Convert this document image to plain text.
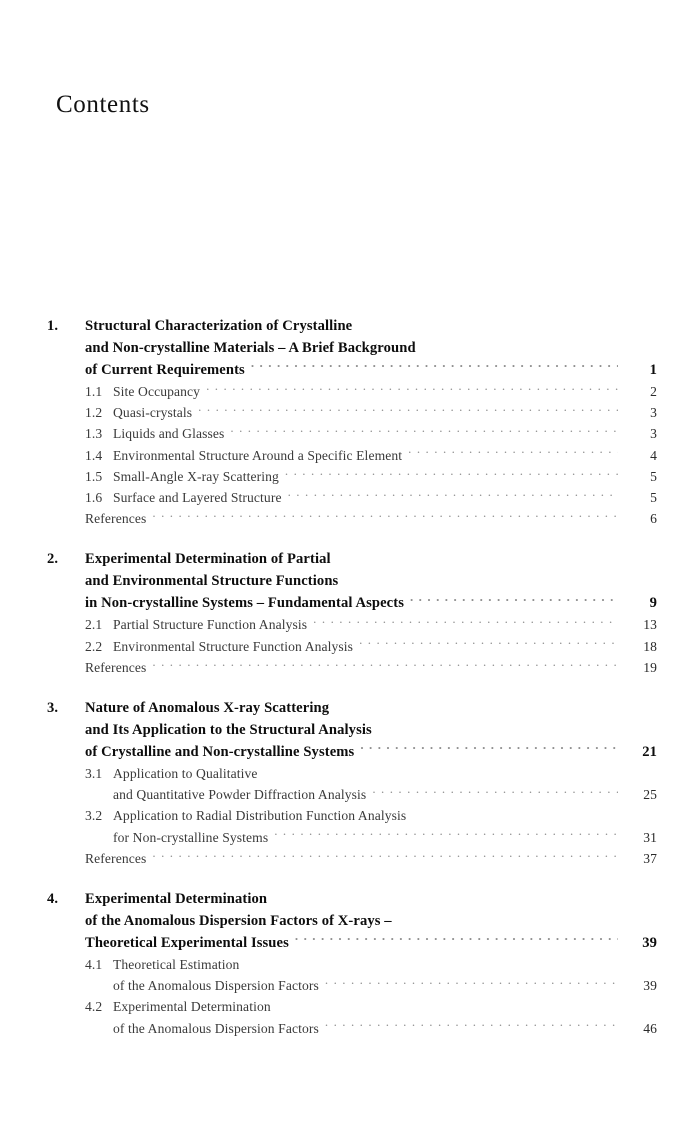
Contents
1.	Structural Characterization of Crystalline
and Non-crystalline Materials – A Brief Background
of Current Requirements . . .	1
1.1 Site Occupancy . . .	2
1.2 Quasi-crystals . . .	3
1.3 Liquids and Glasses . . .	3
1.4 Environmental Structure Around a Specific Element . . .	4
1.5 Small-Angle X-ray Scattering . . .	5
1.6 Surface and Layered Structure . . .	5
References . . .	6
2.	Experimental Determination of Partial
and Environmental Structure Functions
in Non-crystalline Systems – Fundamental Aspects . . .	9
2.1 Partial Structure Function Analysis . . .	13
2.2 Environmental Structure Function Analysis . . .	18
References . . .	19
3.	Nature of Anomalous X-ray Scattering
and Its Application to the Structural Analysis
of Crystalline and Non-crystalline Systems . . .	21
3.1 Application to Qualitative
and Quantitative Powder Diffraction Analysis . . .	25
3.2 Application to Radial Distribution Function Analysis
for Non-crystalline Systems . . .	31
References . . .	37
4.	Experimental Determination
of the Anomalous Dispersion Factors of X-rays –
Theoretical Experimental Issues . . .	39
4.1 Theoretical Estimation
of the Anomalous Dispersion Factors . . .	39
4.2 Experimental Determination
of the Anomalous Dispersion Factors . . .	46
